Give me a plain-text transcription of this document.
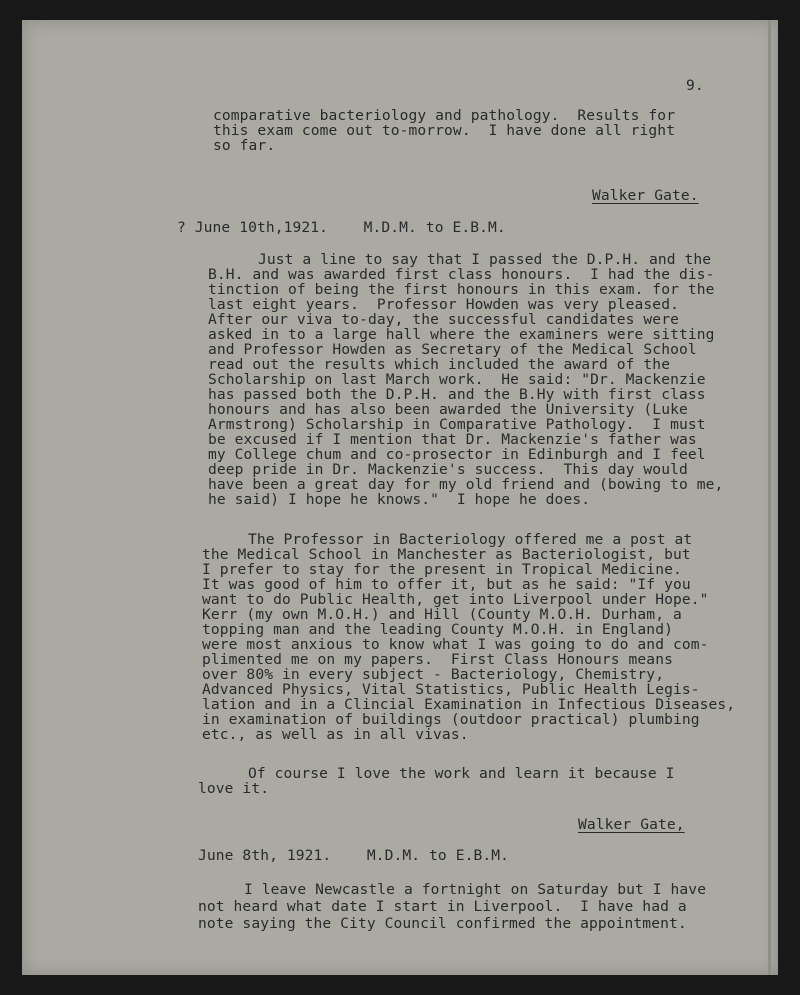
9.

comparative bacteriology and pathology.  Results for

this exam come out to-morrow.  I have done all right

so far.

Walker Gate.

? June 10th,1921.    M.D.M. to E.B.M.

Just a line to say that I passed the D.P.H. and the

B.H. and was awarded first class honours.  I had the dis-

tinction of being the first honours in this exam. for the

last eight years.  Professor Howden was very pleased.

After our viva to-day, the successful candidates were

asked in to a large hall where the examiners were sitting

and Professor Howden as Secretary of the Medical School

read out the results which included the award of the

Scholarship on last March work.  He said: "Dr. Mackenzie

has passed both the D.P.H. and the B.Hy with first class

honours and has also been awarded the University (Luke

Armstrong) Scholarship in Comparative Pathology.  I must

be excused if I mention that Dr. Mackenzie's father was

my College chum and co-prosector in Edinburgh and I feel

deep pride in Dr. Mackenzie's success.  This day would

have been a great day for my old friend and (bowing to me,

he said) I hope he knows."  I hope he does.

The Professor in Bacteriology offered me a post at

the Medical School in Manchester as Bacteriologist, but

I prefer to stay for the present in Tropical Medicine.

It was good of him to offer it, but as he said: "If you

want to do Public Health, get into Liverpool under Hope."

Kerr (my own M.O.H.) and Hill (County M.O.H. Durham, a

topping man and the leading County M.O.H. in England)

were most anxious to know what I was going to do and com-

plimented me on my papers.  First Class Honours means

over 80% in every subject - Bacteriology, Chemistry,

Advanced Physics, Vital Statistics, Public Health Legis-

lation and in a Clincial Examination in Infectious Diseases,

in examination of buildings (outdoor practical) plumbing

etc., as well as in all vivas.

Of course I love the work and learn it because I

love it.

Walker Gate,

June 8th, 1921.    M.D.M. to E.B.M.

I leave Newcastle a fortnight on Saturday but I have

not heard what date I start in Liverpool.  I have had a

note saying the City Council confirmed the appointment.
